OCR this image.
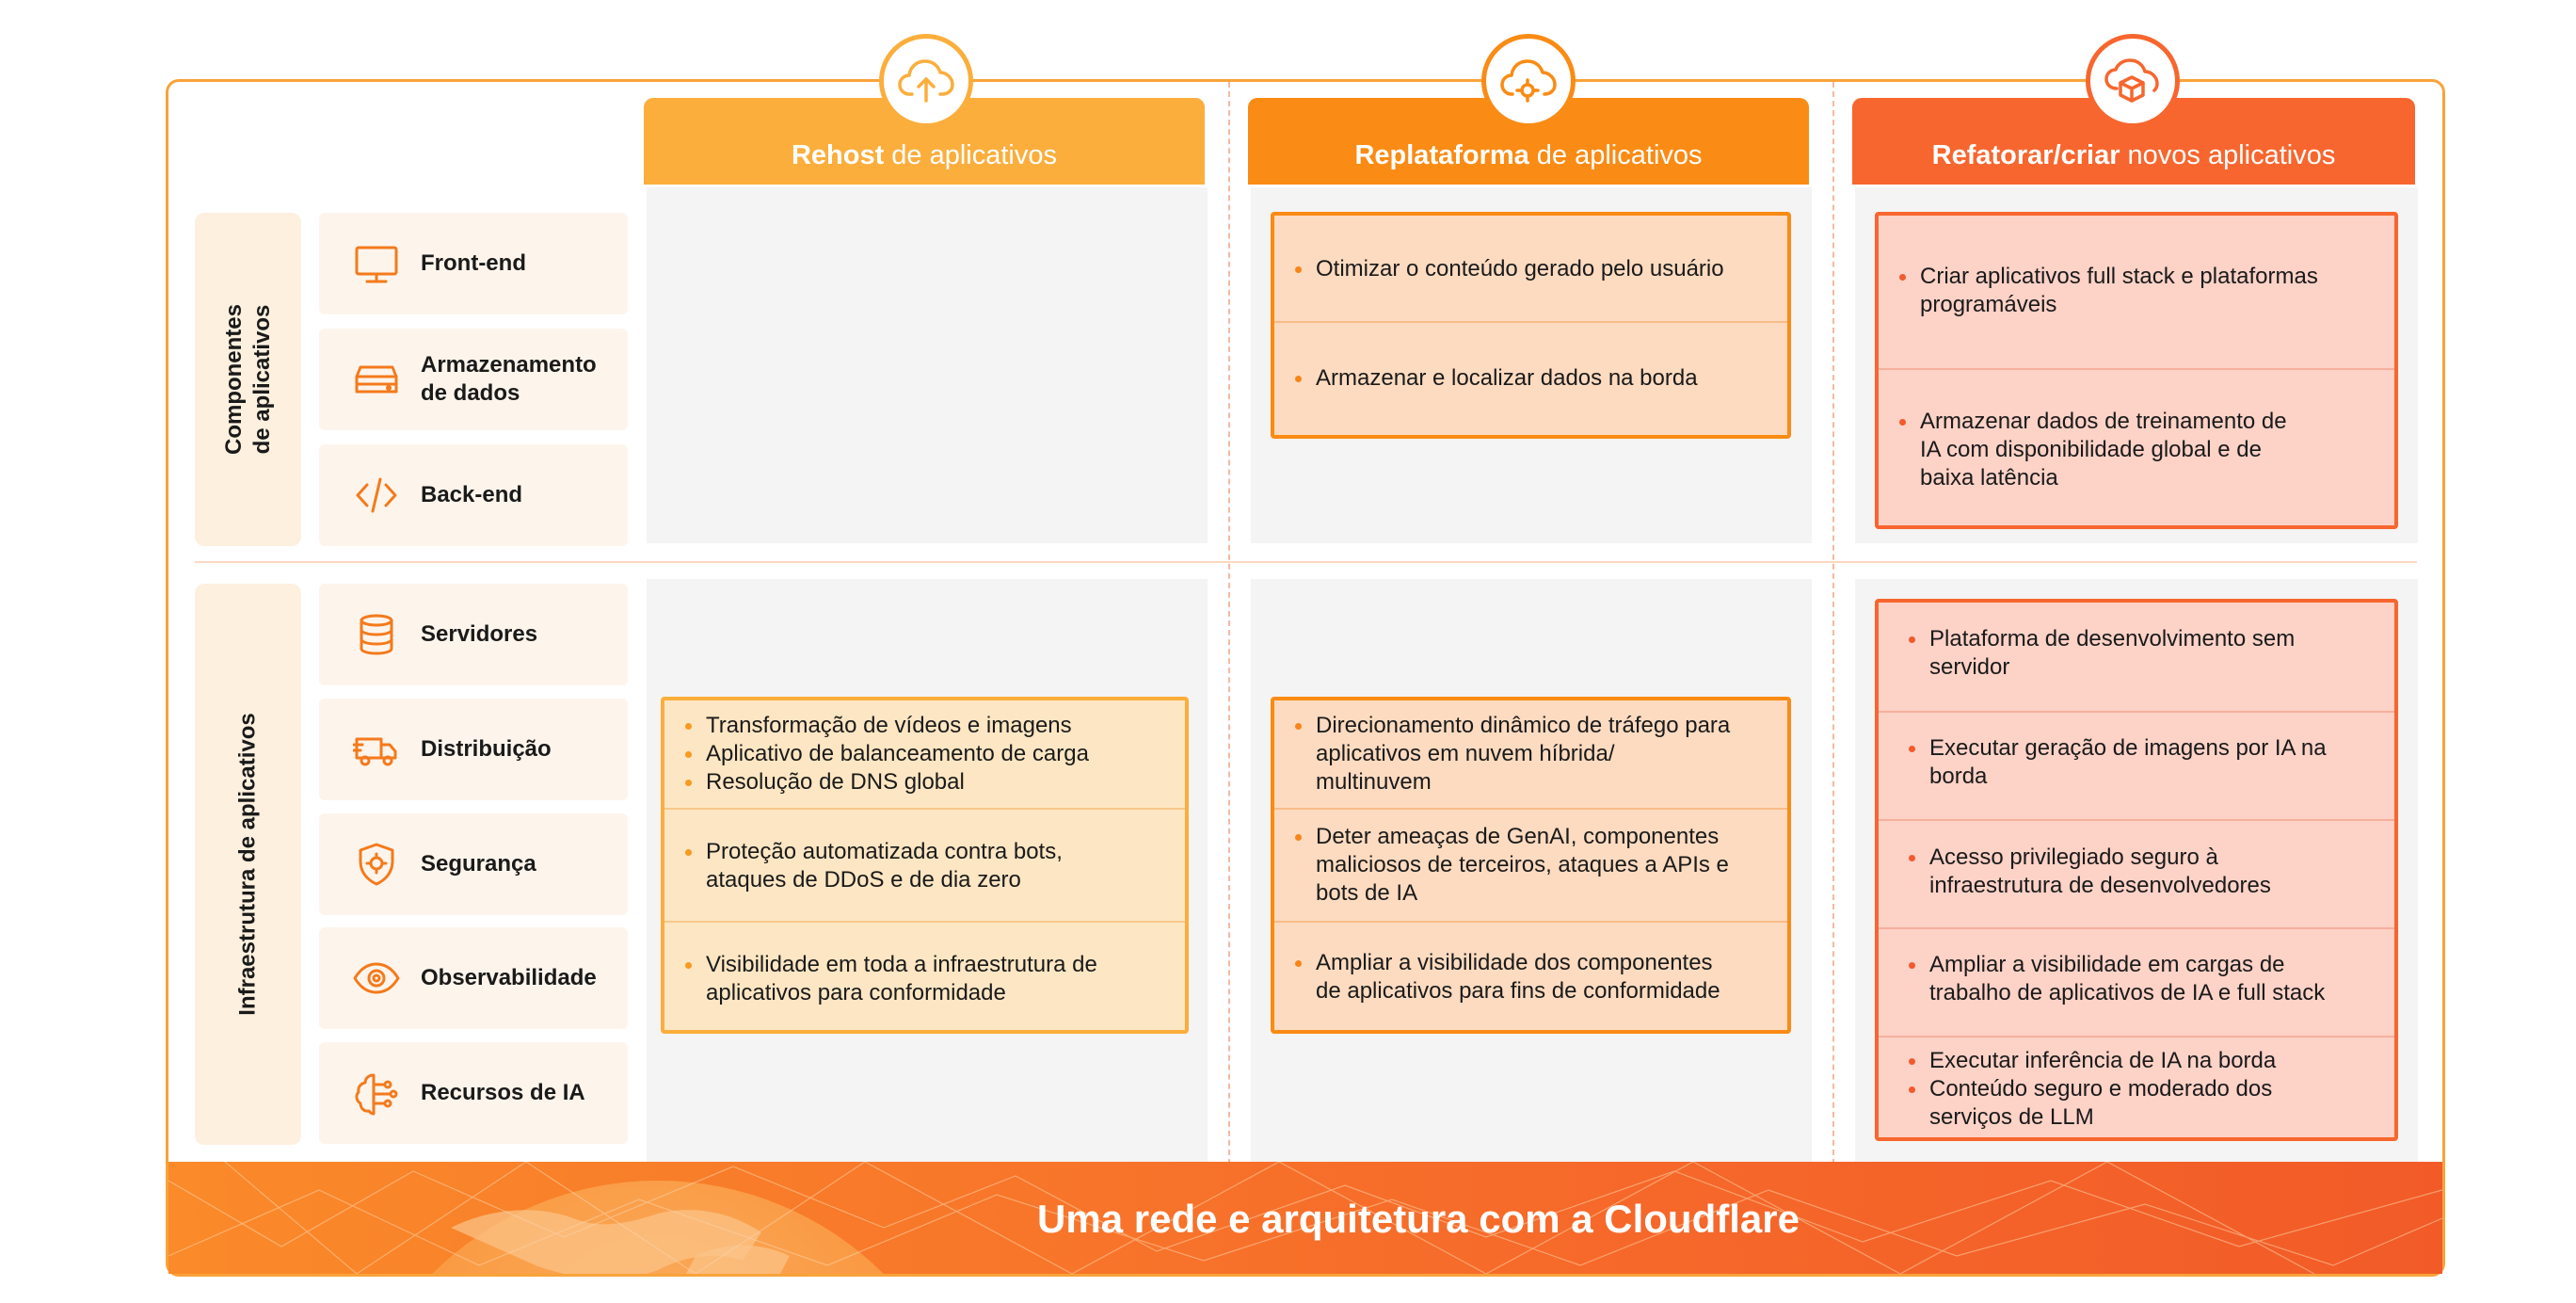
Componentes de aplicativos
Infraestrutura de aplicativos
Front-end
Armazenamento
de dados
Back-end
Servidores
Distribuição
Segurança
Observabilidade
Recursos de IA
Rehost de aplicativos	Replataforma de aplicativos	Refatorar/criar novos aplicativos
Otimizar o conteúdo gerado pelo usuário
Armazenar e localizar dados na borda
Criar aplicativos full stack e plataformas
programáveis
Armazenar dados de treinamento de
IA com disponibilidade global e de
baixa latência
Transformação de vídeos e imagens
Aplicativo de balanceamento de carga
Resolução de DNS global
Proteção automatizada contra bots,
ataques de DDoS e de dia zero
Visibilidade em toda a infraestrutura de
aplicativos para conformidade
Direcionamento dinâmico de tráfego para
aplicativos em nuvem híbrida/
multinuvem
Deter ameaças de GenAI, componentes
maliciosos de terceiros, ataques a APIs e
bots de IA
Ampliar a visibilidade dos componentes
de aplicativos para fins de conformidade
Plataforma de desenvolvimento sem
servidor
Executar geração de imagens por IA na
borda
Acesso privilegiado seguro à
infraestrutura de desenvolvedores
Ampliar a visibilidade em cargas de
trabalho de aplicativos de IA e full stack
Executar inferência de IA na borda
Conteúdo seguro e moderado dos
serviços de LLM
Uma rede e arquitetura com a Cloudflare
